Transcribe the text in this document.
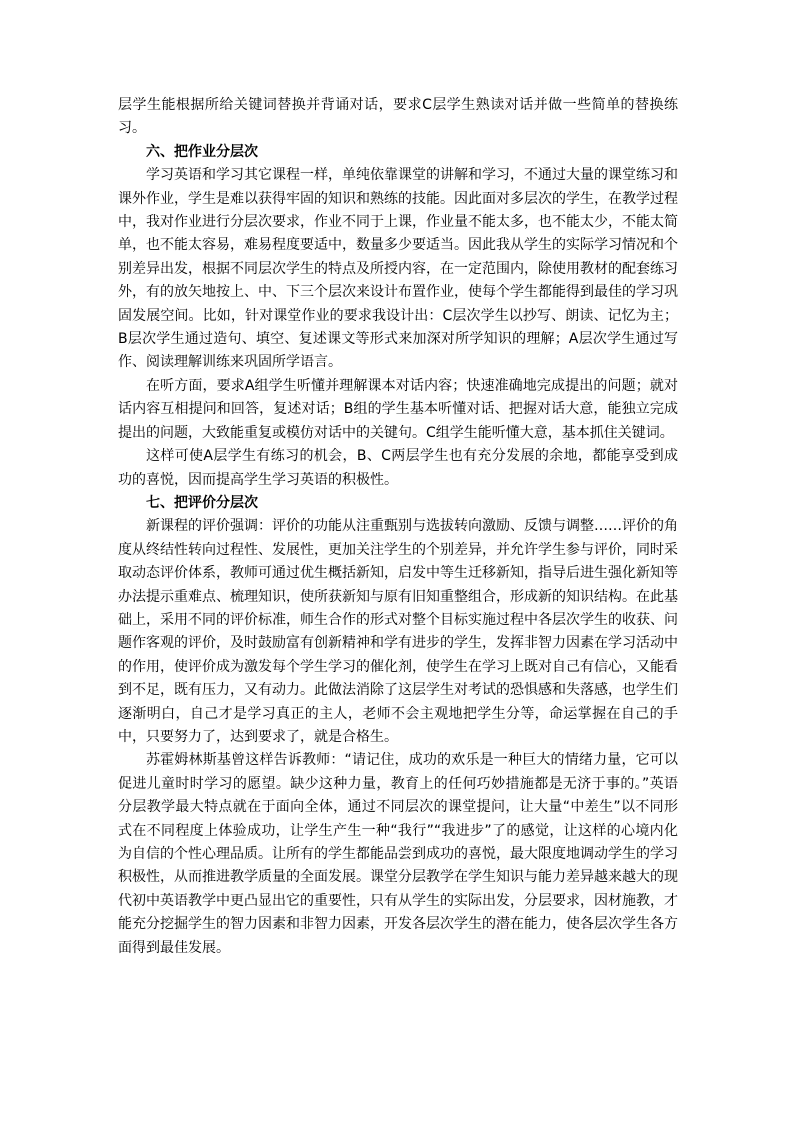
层学生能根据所给关键词替换并背诵对话，要求C层学生熟读对话并做一些简单的替换练习。

六、把作业分层次

学习英语和学习其它课程一样，单纯依靠课堂的讲解和学习，不通过大量的课堂练习和课外作业，学生是难以获得牢固的知识和熟练的技能。因此面对多层次的学生，在教学过程中，我对作业进行分层次要求，作业不同于上课，作业量不能太多，也不能太少，不能太简单，也不能太容易，难易程度要适中，数量多少要适当。因此我从学生的实际学习情况和个别差异出发，根据不同层次学生的特点及所授内容，在一定范围内，除使用教材的配套练习外，有的放矢地按上、中、下三个层次来设计布置作业，使每个学生都能得到最佳的学习巩固发展空间。比如，针对课堂作业的要求我设计出：C层次学生以抄写、朗读、记忆为主；B层次学生通过造句、填空、复述课文等形式来加深对所学知识的理解；A层次学生通过写作、阅读理解训练来巩固所学语言。

在听方面，要求A组学生听懂并理解课本对话内容；快速准确地完成提出的问题；就对话内容互相提问和回答，复述对话；B组的学生基本听懂对话、把握对话大意，能独立完成提出的问题，大致能重复或模仿对话中的关键句。C组学生能听懂大意，基本抓住关键词。

这样可使A层学生有练习的机会，B、C两层学生也有充分发展的余地，都能享受到成功的喜悦，因而提高学生学习英语的积极性。

七、把评价分层次

新课程的评价强调：评价的功能从注重甄别与选拔转向激励、反馈与调整……评价的角度从终结性转向过程性、发展性，更加关注学生的个别差异，并允许学生参与评价，同时采取动态评价体系，教师可通过优生概括新知，启发中等生迁移新知，指导后进生强化新知等办法提示重难点、梳理知识，使所获新知与原有旧知重整组合，形成新的知识结构。在此基础上，采用不同的评价标准，师生合作的形式对整个目标实施过程中各层次学生的收获、问题作客观的评价，及时鼓励富有创新精神和学有进步的学生，发挥非智力因素在学习活动中的作用，使评价成为激发每个学生学习的催化剂，使学生在学习上既对自己有信心，又能看到不足，既有压力，又有动力。此做法消除了这层学生对考试的恐惧感和失落感，也学生们逐渐明白，自己才是学习真正的主人，老师不会主观地把学生分等，命运掌握在自己的手中，只要努力了，达到要求了，就是合格生。

苏霍姆林斯基曾这样告诉教师：“请记住，成功的欢乐是一种巨大的情绪力量，它可以促进儿童时时学习的愿望。缺少这种力量，教育上的任何巧妙措施都是无济于事的。”英语分层教学最大特点就在于面向全体，通过不同层次的课堂提问，让大量“中差生”以不同形式在不同程度上体验成功，让学生产生一种“我行”“我进步”了的感觉，让这样的心境内化为自信的个性心理品质。让所有的学生都能品尝到成功的喜悦，最大限度地调动学生的学习积极性，从而推进教学质量的全面发展。课堂分层教学在学生知识与能力差异越来越大的现代初中英语教学中更凸显出它的重要性，只有从学生的实际出发，分层要求，因材施教，才能充分挖掘学生的智力因素和非智力因素，开发各层次学生的潜在能力，使各层次学生各方面得到最佳发展。
